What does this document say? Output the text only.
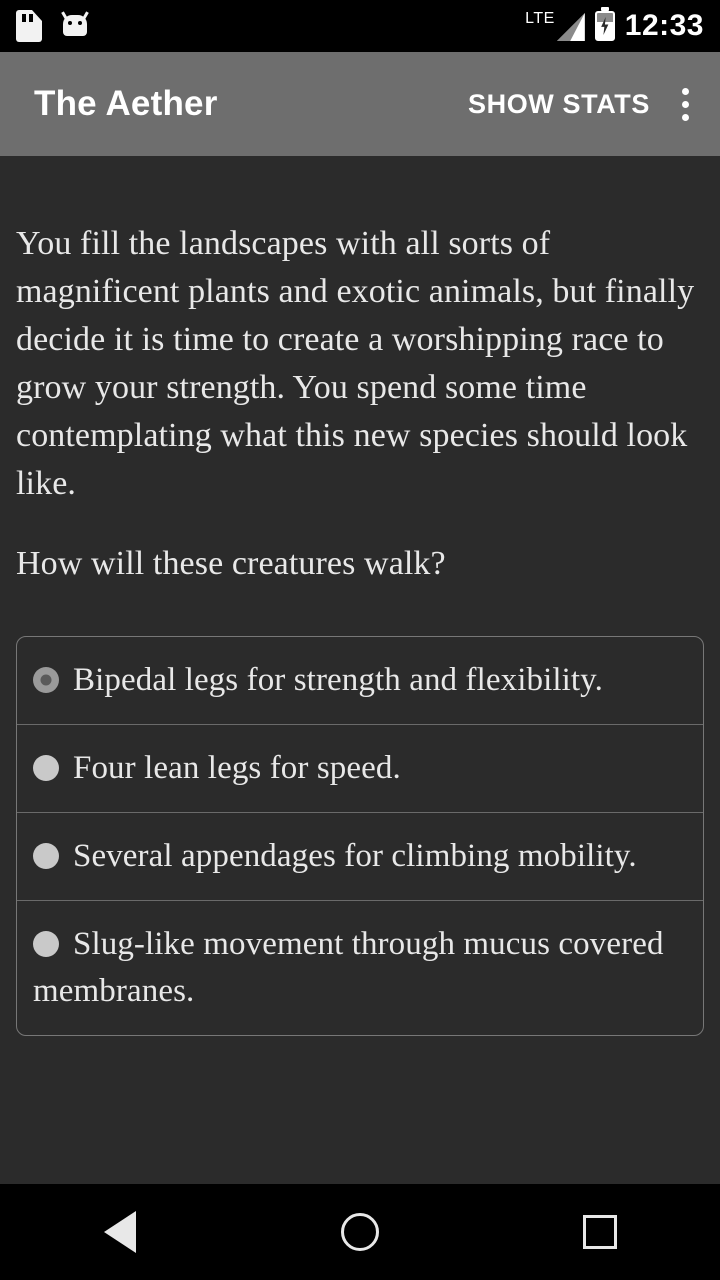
LTE 12:33
The Aether	SHOW STATS

You fill the landscapes with all sorts of magnificent plants and exotic animals, but finally decide it is time to create a worshipping race to grow your strength. You spend some time contemplating what this new species should look like.

How will these creatures walk?

Bipedal legs for strength and flexibility.
Four lean legs for speed.
Several appendages for climbing mobility.
Slug-like movement through mucus covered membranes.
